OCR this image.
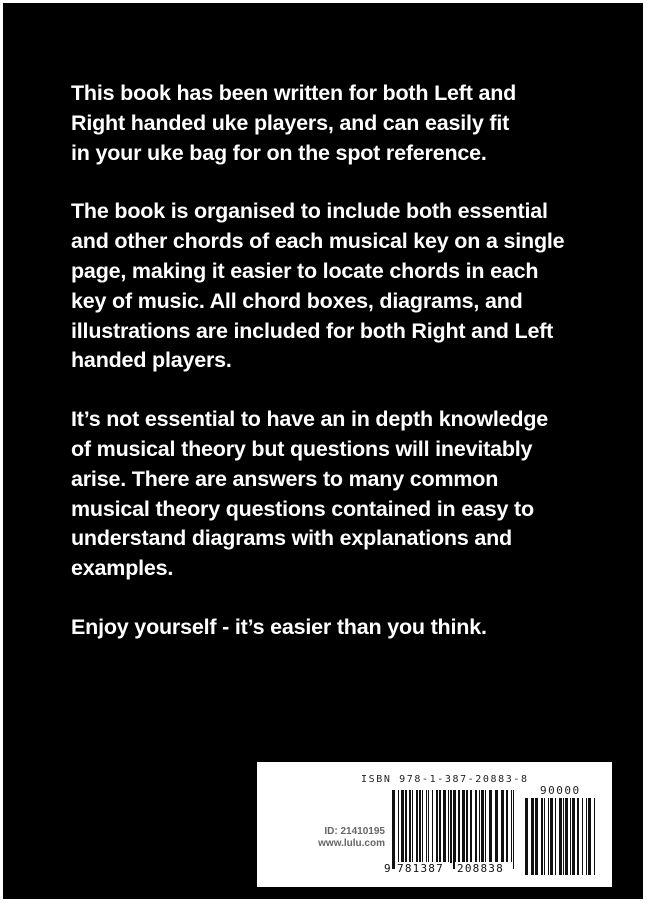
This book has been written for both Left and
Right handed uke players, and can easily fit
in your uke bag for on the spot reference.

The book is organised to include both essential
and other chords of each musical key on a single
page, making it easier to locate chords in each
key of music. All chord boxes, diagrams, and
illustrations are included for both Right and Left
handed players.

It’s not essential to have an in depth knowledge
of musical theory but questions will inevitably
arise. There are answers to many common
musical theory questions contained in easy to
understand diagrams with explanations and
examples.

Enjoy yourself - it’s easier than you think.

ID: 21410195
www.lulu.com
ISBN 978-1-387-20883-8
90000
9 781387 208838
